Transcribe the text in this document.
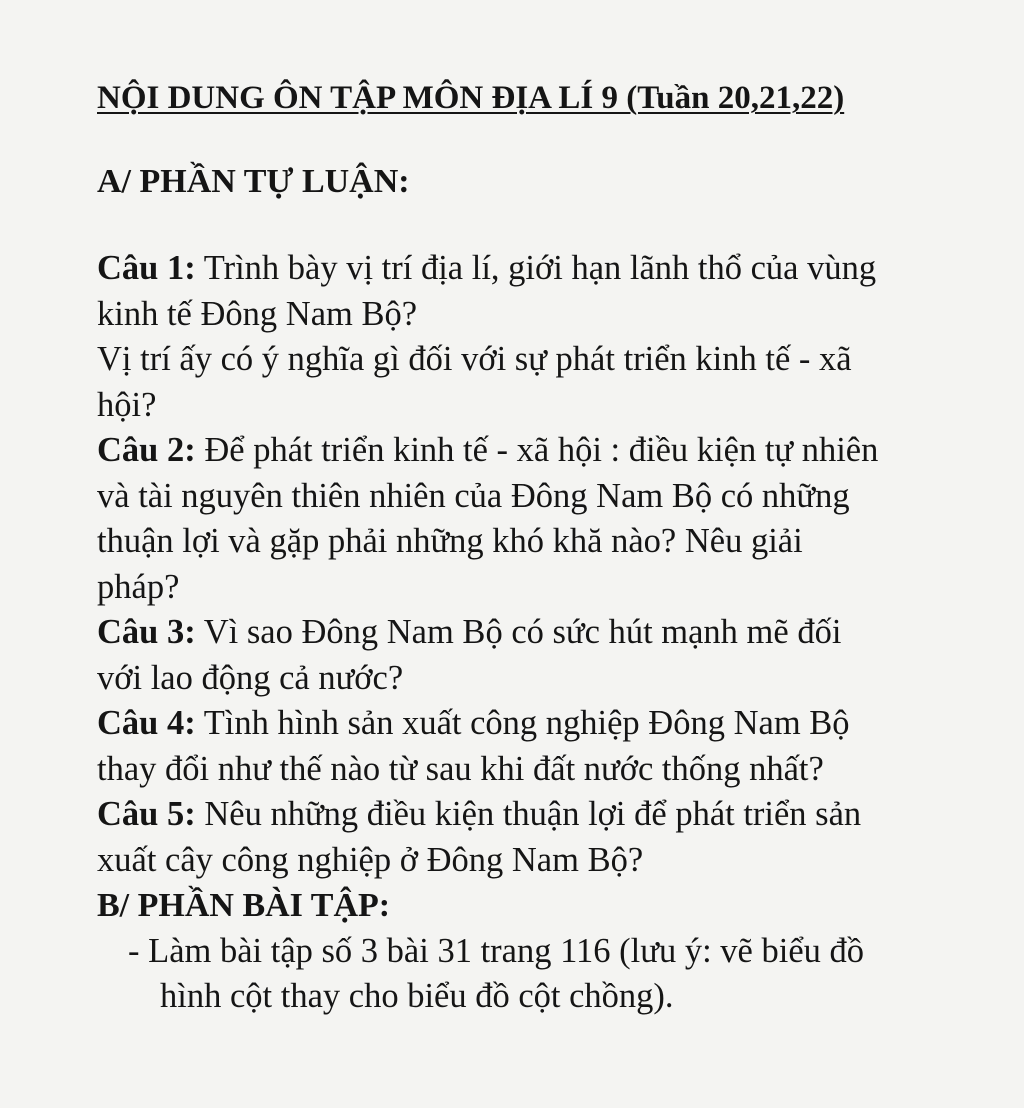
NỘI DUNG ÔN TẬP MÔN ĐỊA LÍ 9 (Tuần 20,21,22)
A/ PHẦN TỰ LUẬN:
Câu 1: Trình bày vị trí địa lí, giới hạn lãnh thổ của vùng
kinh tế Đông Nam Bộ?
Vị trí ấy có ý nghĩa gì đối với sự phát triển kinh tế - xã
hội?
Câu 2: Để phát triển kinh tế - xã hội : điều kiện tự nhiên
và tài nguyên thiên nhiên của Đông Nam Bộ có những
thuận lợi và gặp phải những khó khă nào? Nêu giải
pháp?
Câu 3: Vì sao Đông Nam Bộ có sức hút mạnh mẽ đối
với lao động cả nước?
Câu 4: Tình hình sản xuất công nghiệp Đông Nam Bộ
thay đổi như thế nào từ sau khi đất nước thống nhất?
Câu 5: Nêu những điều kiện thuận lợi để phát triển sản
xuất cây công nghiệp ở Đông Nam Bộ?
B/ PHẦN BÀI TẬP:
- Làm bài tập số 3 bài 31 trang 116 (lưu ý: vẽ biểu đồ
hình cột thay cho biểu đồ cột chồng).
